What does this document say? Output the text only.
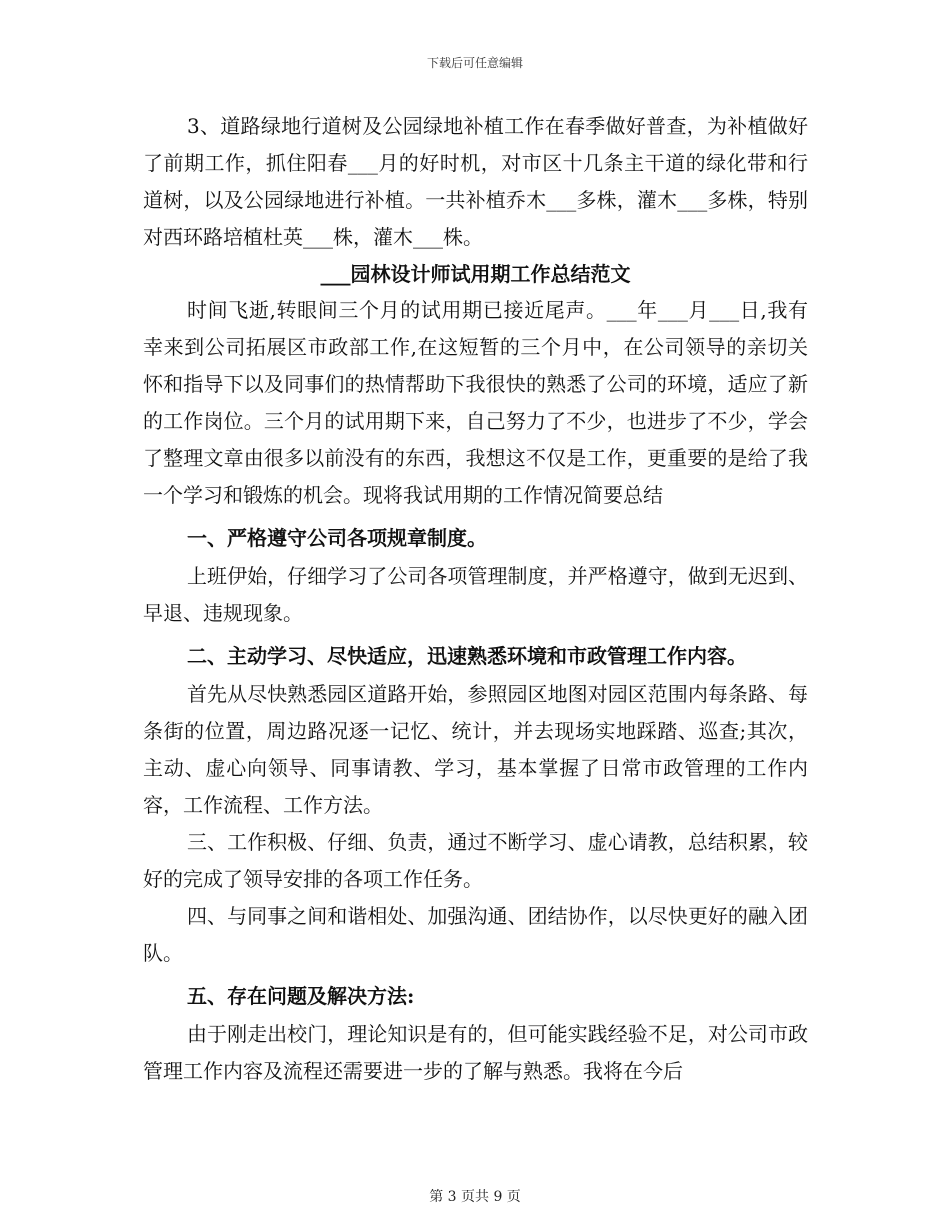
下载后可任意编辑

3、道路绿地行道树及公园绿地补植工作在春季做好普查，为补植做好了前期工作，抓住阳春___月的好时机，对市区十几条主干道的绿化带和行道树，以及公园绿地进行补植。一共补植乔木___多株，灌木___多株，特别对西环路培植杜英___株，灌木___株。

___园林设计师试用期工作总结范文

时间飞逝,转眼间三个月的试用期已接近尾声。___年___月___日,我有幸来到公司拓展区市政部工作,在这短暂的三个月中，在公司领导的亲切关怀和指导下以及同事们的热情帮助下我很快的熟悉了公司的环境，适应了新的工作岗位。三个月的试用期下来，自己努力了不少，也进步了不少，学会了整理文章由很多以前没有的东西，我想这不仅是工作，更重要的是给了我一个学习和锻炼的机会。现将我试用期的工作情况简要总结

一、严格遵守公司各项规章制度。

上班伊始，仔细学习了公司各项管理制度，并严格遵守，做到无迟到、早退、违规现象。

二、主动学习、尽快适应，迅速熟悉环境和市政管理工作内容。

首先从尽快熟悉园区道路开始，参照园区地图对园区范围内每条路、每条街的位置，周边路况逐一记忆、统计，并去现场实地踩踏、巡查;其次，主动、虚心向领导、同事请教、学习，基本掌握了日常市政管理的工作内容，工作流程、工作方法。

三、工作积极、仔细、负责，通过不断学习、虚心请教，总结积累，较好的完成了领导安排的各项工作任务。

四、与同事之间和谐相处、加强沟通、团结协作，以尽快更好的融入团队。

五、存在问题及解决方法:

由于刚走出校门，理论知识是有的，但可能实践经验不足，对公司市政管理工作内容及流程还需要进一步的了解与熟悉。我将在今后

第 3 页共 9 页
